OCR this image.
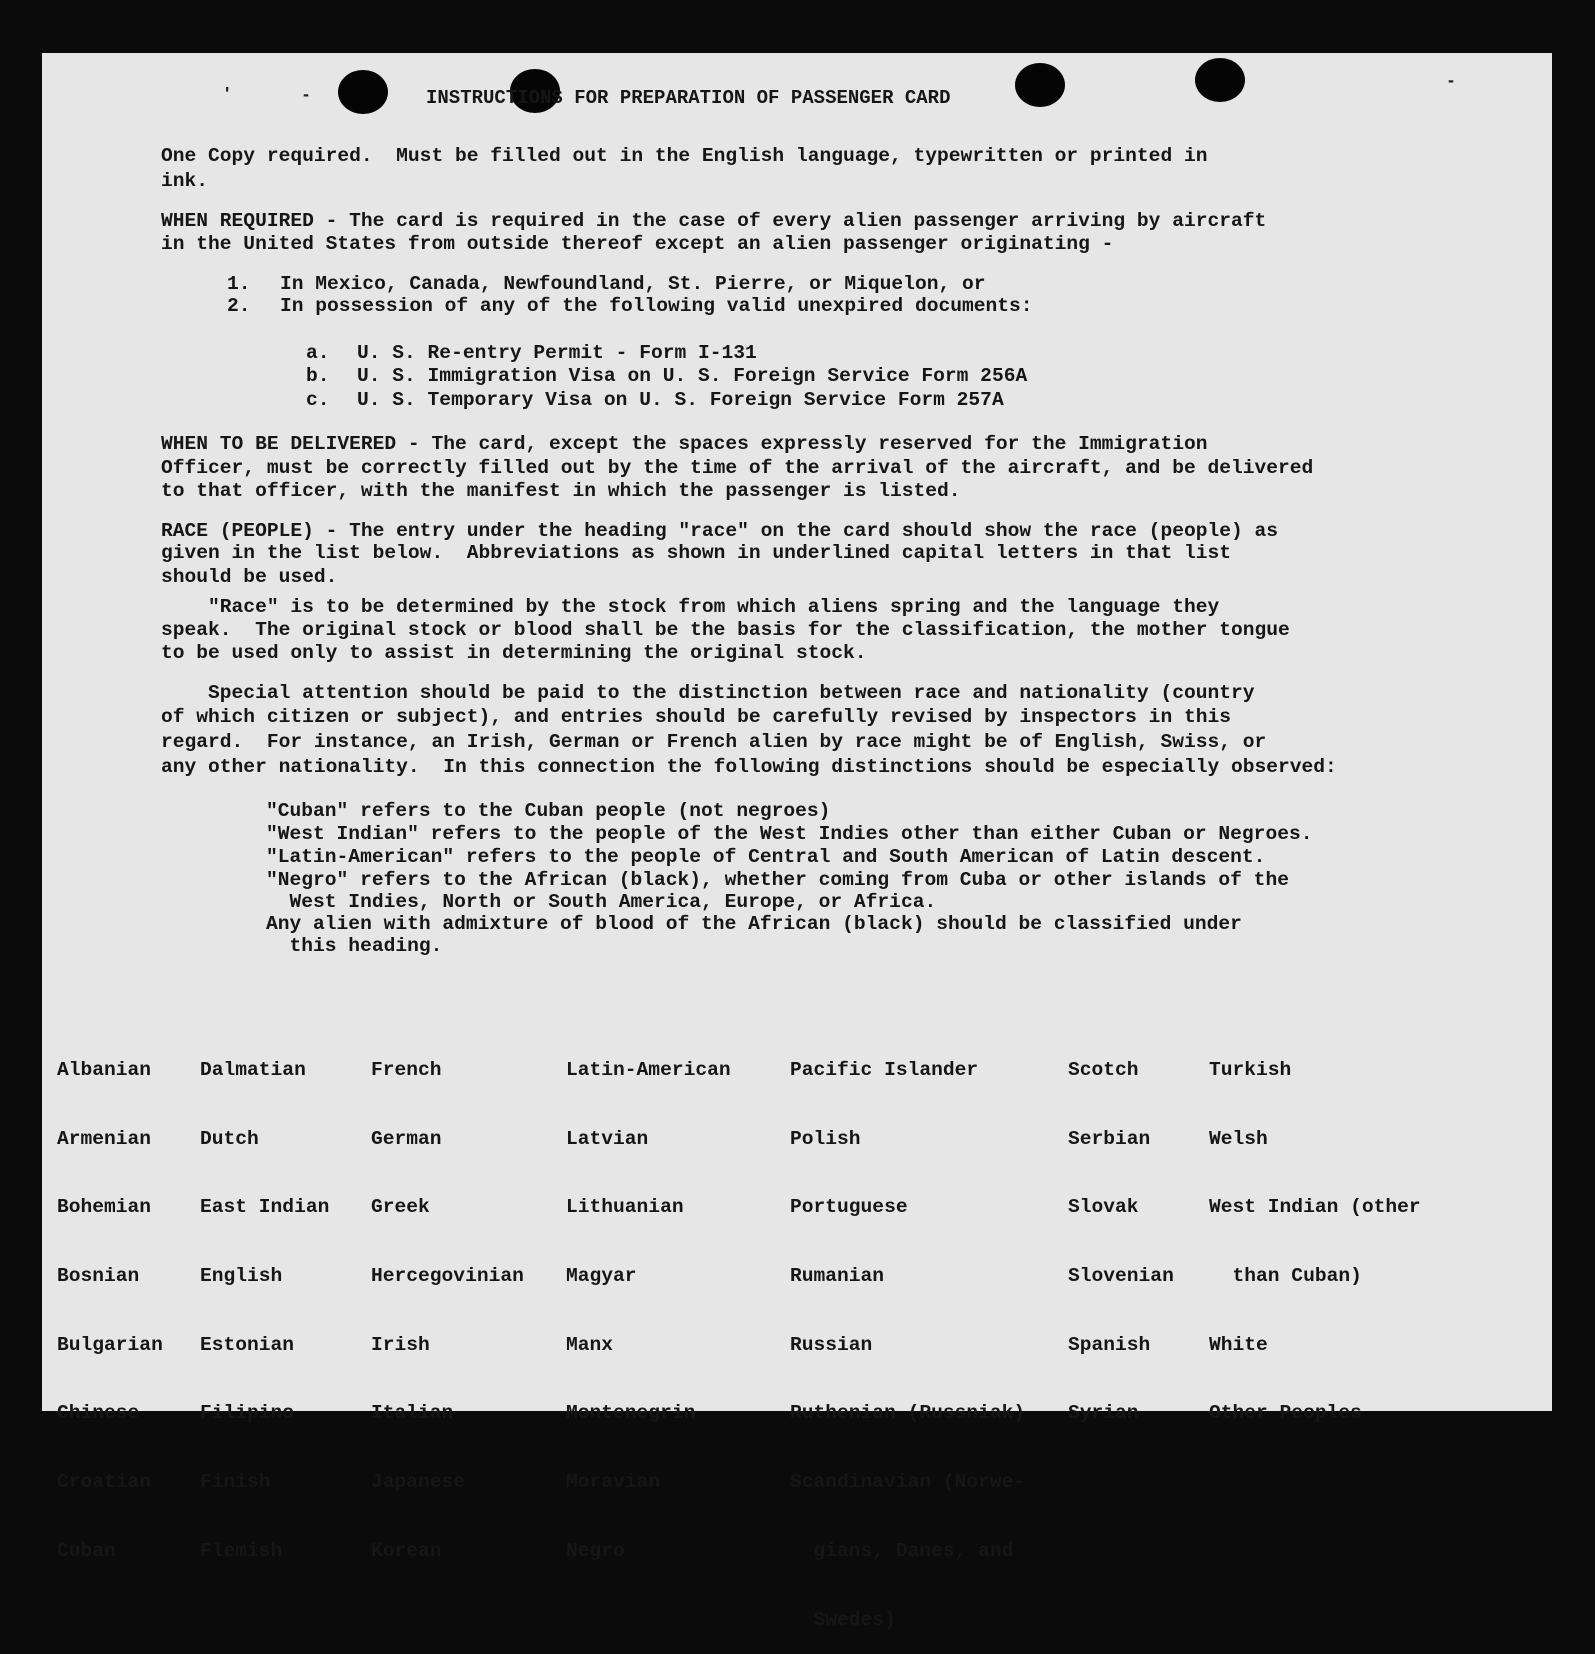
'	-
-
INSTRUCTIONS FOR PREPARATION OF PASSENGER CARD
One Copy required.  Must be filled out in the English language, typewritten or printed in
ink.
WHEN REQUIRED - The card is required in the case of every alien passenger arriving by aircraft
in the United States from outside thereof except an alien passenger originating -
1. In Mexico, Canada, Newfoundland, St. Pierre, or Miquelon, or
2. In possession of any of the following valid unexpired documents:
a. U. S. Re-entry Permit - Form I-131
b. U. S. Immigration Visa on U. S. Foreign Service Form 256A
c. U. S. Temporary Visa on U. S. Foreign Service Form 257A
WHEN TO BE DELIVERED - The card, except the spaces expressly reserved for the Immigration
Officer, must be correctly filled out by the time of the arrival of the aircraft, and be delivered
to that officer, with the manifest in which the passenger is listed.
RACE (PEOPLE) - The entry under the heading "race" on the card should show the race (people) as
given in the list below.  Abbreviations as shown in underlined capital letters in that list
should be used.
"Race" is to be determined by the stock from which aliens spring and the language they
speak.  The original stock or blood shall be the basis for the classification, the mother tongue
to be used only to assist in determining the original stock.
Special attention should be paid to the distinction between race and nationality (country
of which citizen or subject), and entries should be carefully revised by inspectors in this
regard.  For instance, an Irish, German or French alien by race might be of English, Swiss, or
any other nationality.  In this connection the following distinctions should be especially observed:
"Cuban" refers to the Cuban people (not negroes)
"West Indian" refers to the people of the West Indies other than either Cuban or Negroes.
"Latin-American" refers to the people of Central and South American of Latin descent.
"Negro" refers to the African (black), whether coming from Cuba or other islands of the
West Indies, North or South America, Europe, or Africa.
Any alien with admixture of blood of the African (black) should be classified under
this heading.

Albanian

Armenian

Bohemian

Bosnian

Bulgarian

Chinese

Croatian

Cuban

Dalmatian

Dutch

East Indian

English

Estonian

Filipino

Finish

Flemish

French

German

Greek

Hercegovinian

Irish

Italian

Japanese

Korean

Latin-American

Latvian

Lithuanian

Magyar

Manx

Montenegrin

Moravian

Negro

Pacific Islander

Polish

Portuguese

Rumanian

Russian

Ruthenian (Russniak)

Scandinavian (Norwe-

gians, Danes, and

Swedes)

Scotch

Serbian

Slovak

Slovenian

Spanish

Syrian

Turkish

Welsh

West Indian (other

than Cuban)

White

Other Peoples
